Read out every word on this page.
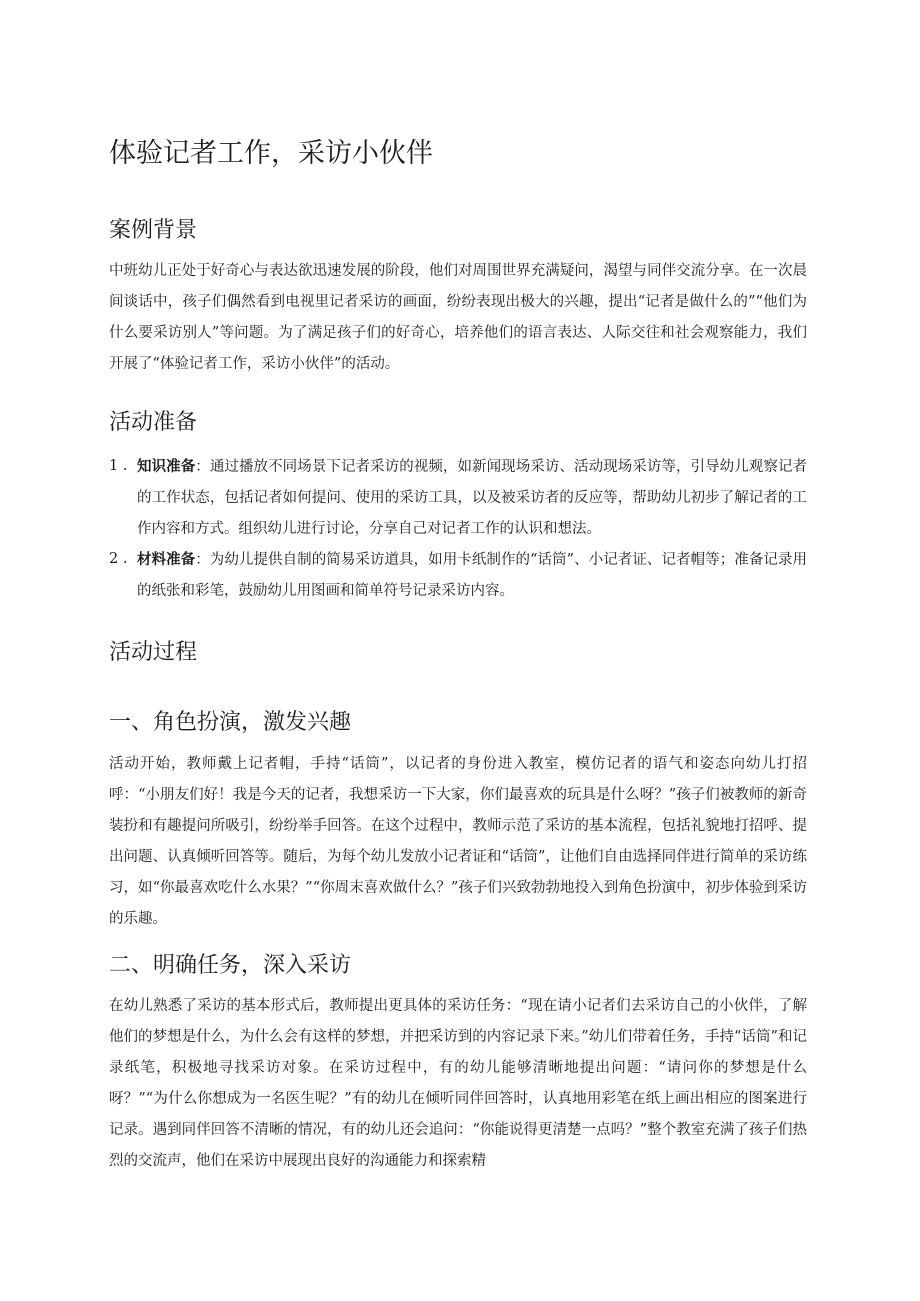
体验记者工作，采访小伙伴
案例背景

中班幼儿正处于好奇心与表达欲迅速发展的阶段，他们对周围世界充满疑问，渴望与同伴交流分享。在一次晨间谈话中，孩子们偶然看到电视里记者采访的画面，纷纷表现出极大的兴趣，提出“记者是做什么的”“他们为什么要采访别人”等问题。为了满足孩子们的好奇心，培养他们的语言表达、人际交往和社会观察能力，我们开展了“体验记者工作，采访小伙伴”的活动。

活动准备
1 . 知识准备：通过播放不同场景下记者采访的视频，如新闻现场采访、活动现场采访等，引导幼儿观察记者的工作状态，包括记者如何提问、使用的采访工具，以及被采访者的反应等，帮助幼儿初步了解记者的工作内容和方式。组织幼儿进行讨论，分享自己对记者工作的认识和想法。
2 . 材料准备：为幼儿提供自制的简易采访道具，如用卡纸制作的“话筒”、小记者证、记者帽等；准备记录用的纸张和彩笔，鼓励幼儿用图画和简单符号记录采访内容。
活动过程
一、角色扮演，激发兴趣

活动开始，教师戴上记者帽，手持“话筒”，以记者的身份进入教室，模仿记者的语气和姿态向幼儿打招呼：“小朋友们好！我是今天的记者，我想采访一下大家，你们最喜欢的玩具是什么呀？”孩子们被教师的新奇装扮和有趣提问所吸引，纷纷举手回答。在这个过程中，教师示范了采访的基本流程，包括礼貌地打招呼、提出问题、认真倾听回答等。随后，为每个幼儿发放小记者证和“话筒”，让他们自由选择同伴进行简单的采访练习，如“你最喜欢吃什么水果？”“你周末喜欢做什么？”孩子们兴致勃勃地投入到角色扮演中，初步体验到采访的乐趣。

二、明确任务，深入采访

在幼儿熟悉了采访的基本形式后，教师提出更具体的采访任务：“现在请小记者们去采访自己的小伙伴，了解他们的梦想是什么，为什么会有这样的梦想，并把采访到的内容记录下来。”幼儿们带着任务，手持“话筒”和记录纸笔，积极地寻找采访对象。在采访过程中，有的幼儿能够清晰地提出问题：“请问你的梦想是什么呀？”“为什么你想成为一名医生呢？”有的幼儿在倾听同伴回答时，认真地用彩笔在纸上画出相应的图案进行记录。遇到同伴回答不清晰的情况，有的幼儿还会追问：“你能说得更清楚一点吗？”整个教室充满了孩子们热烈的交流声，他们在采访中展现出良好的沟通能力和探索精
